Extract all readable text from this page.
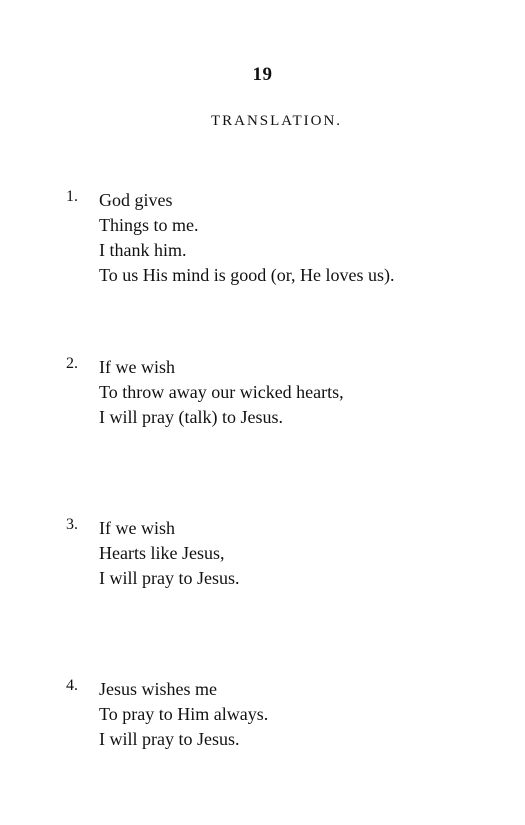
19
TRANSLATION.
1. God gives
Things to me.
I thank him.
To us His mind is good (or, He loves us).
2. If we wish
To throw away our wicked hearts,
I will pray (talk) to Jesus.
3. If we wish
Hearts like Jesus,
I will pray to Jesus.
4. Jesus wishes me
To pray to Him always.
I will pray to Jesus.
